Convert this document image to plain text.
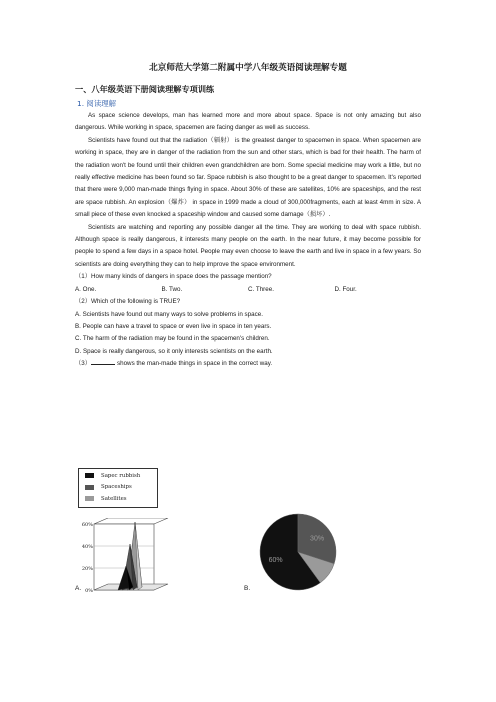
北京师范大学第二附属中学八年级英语阅读理解专题
一、八年级英语下册阅读理解专项训练
1. 阅读理解

As space science develops, man has learned more and more about space. Space is not only amazing but also dangerous. While working in space, spacemen are facing danger as well as success.

Scientists have found out that the radiation（辐射） is the greatest danger to spacemen in space. When spacemen are working in space, they are in danger of the radiation from the sun and other stars, which is bad for their health. The harm of the radiation won't be found until their children even grandchildren are born. Some special medicine may work a little, but no really effective medicine has been found so far. Space rubbish is also thought to be a great danger to spacemen. It's reported that there were 9,000 man-made things flying in space. About 30% of these are satellites, 10% are spaceships, and the rest are space rubbish. An explosion（爆炸） in space in 1999 made a cloud of 300,000fragments, each at least 4mm in size. A small piece of these even knocked a spaceship window and caused some damage（损坏）.

Scientists are watching and reporting any possible danger all the time. They are working to deal with space rubbish. Although space is really dangerous, it interests many people on the earth. In the near future, it may become possible for people to spend a few days in a space hotel. People may even choose to leave the earth and live in space in a few years. So scientists are doing everything they can to help improve the space environment.

（1）How many kinds of dangers in space does the passage mention?

A. One.	B. Two.	C. Three.	D. Four.

（2）Which of the following is TRUE?

A. Scientists have found out many ways to solve problems in space.

B. People can have a travel to space or even live in space in ten years.

C. The harm of the radiation may be found in the spacemen's children.

D. Space is really dangerous, so it only interests scientists on the earth.

（3）	shows the man-made things in space in the correct way.

Sapec rubbish
Spaceships
Satellites
60%
40%
20%
0%
60%
30%
A.	B.
